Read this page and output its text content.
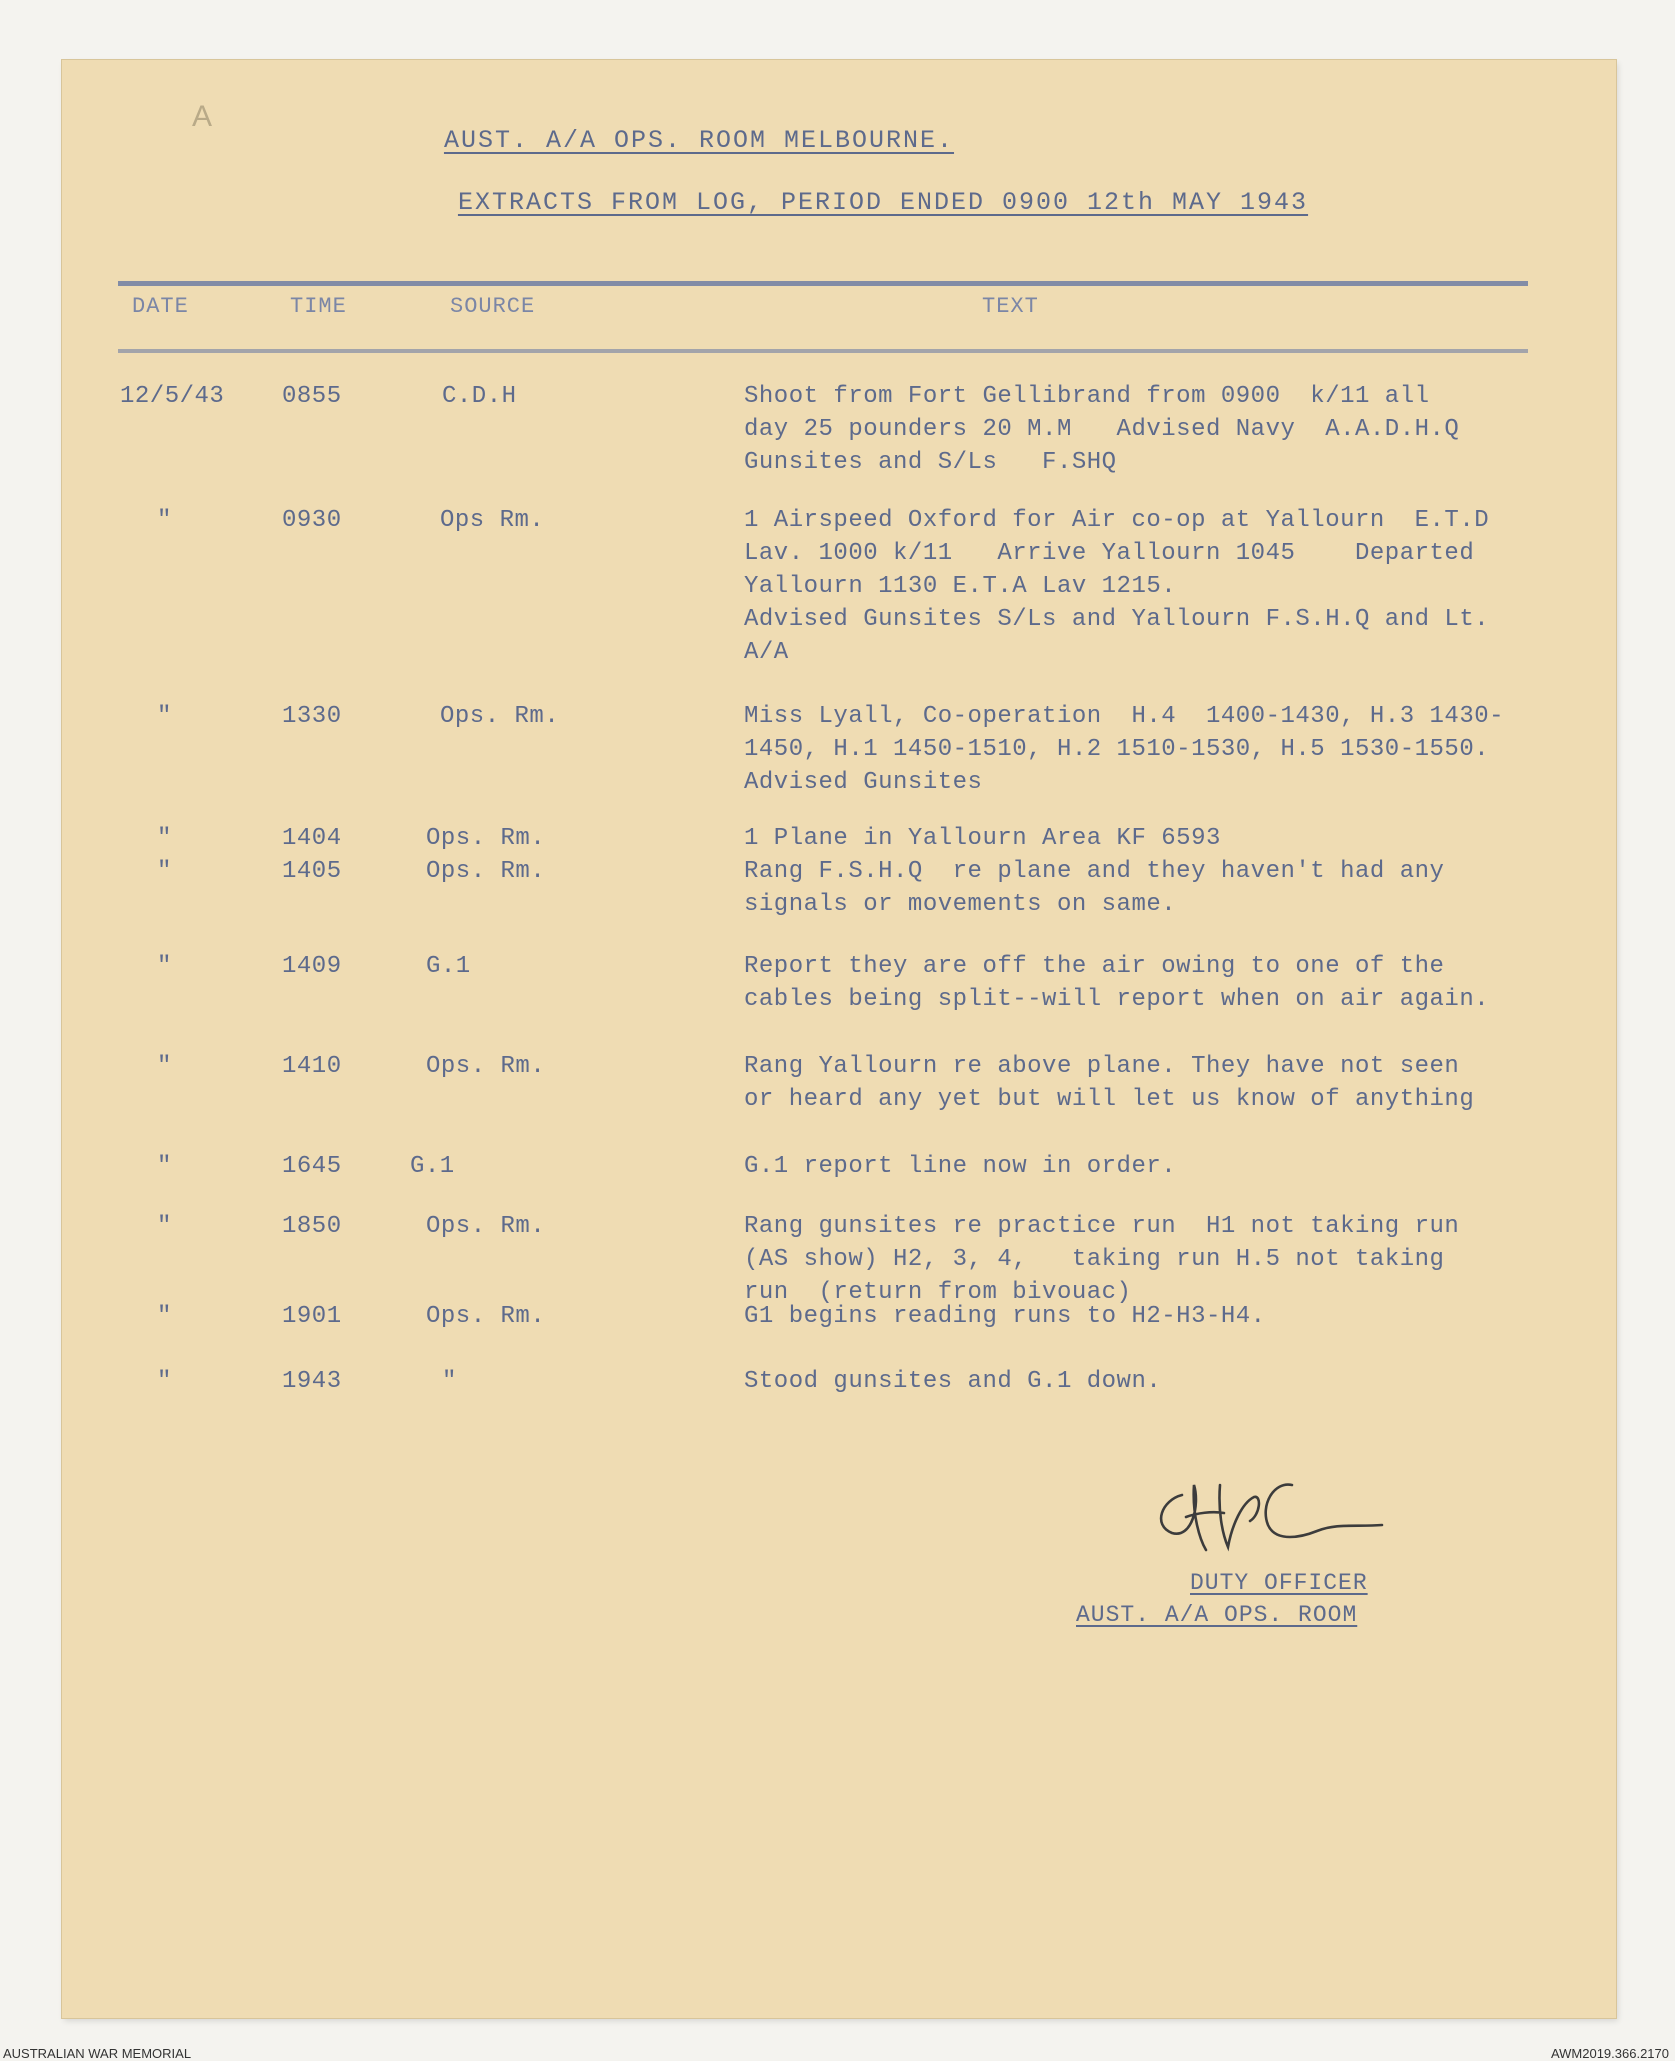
A
AUST. A/A OPS. ROOM MELBOURNE.
EXTRACTS FROM LOG, PERIOD ENDED 0900 12th MAY 1943
DATE	TIME	SOURCE	TEXT
12/5/43 0855	C.D.H	Shoot from Fort Gellibrand from 0900  k/11 all
day 25 pounders 20 M.M   Advised Navy  A.A.D.H.Q
Gunsites and S/Ls   F.SHQ
"	0930	Ops Rm.	1 Airspeed Oxford for Air co-op at Yallourn  E.T.D
Lav. 1000 k/11   Arrive Yallourn 1045    Departed
Yallourn 1130 E.T.A Lav 1215.
Advised Gunsites S/Ls and Yallourn F.S.H.Q and Lt.
A/A
"	1330	Ops. Rm.	Miss Lyall, Co-operation  H.4  1400-1430, H.3 1430-
1450, H.1 1450-1510, H.2 1510-1530, H.5 1530-1550.
Advised Gunsites
"	1404	Ops. Rm.	1 Plane in Yallourn Area KF 6593
"	1405	Ops. Rm.	Rang F.S.H.Q  re plane and they haven't had any
signals or movements on same.
"	1409	G.1	Report they are off the air owing to one of the
cables being split--will report when on air again.
"	1410	Ops. Rm.	Rang Yallourn re above plane. They have not seen
or heard any yet but will let us know of anything
"	1645	G.1	G.1 report line now in order.
"	1850	Ops. Rm.	Rang gunsites re practice run  H1 not taking run
(AS show) H2, 3, 4,   taking run H.5 not taking
run  (return from bivouac)
"	1901	Ops. Rm.	G1 begins reading runs to H2-H3-H4.
"	1943	"	Stood gunsites and G.1 down.
DUTY OFFICER
AUST. A/A OPS. ROOM
AUSTRALIAN WAR MEMORIAL	AWM2019.366.2170
